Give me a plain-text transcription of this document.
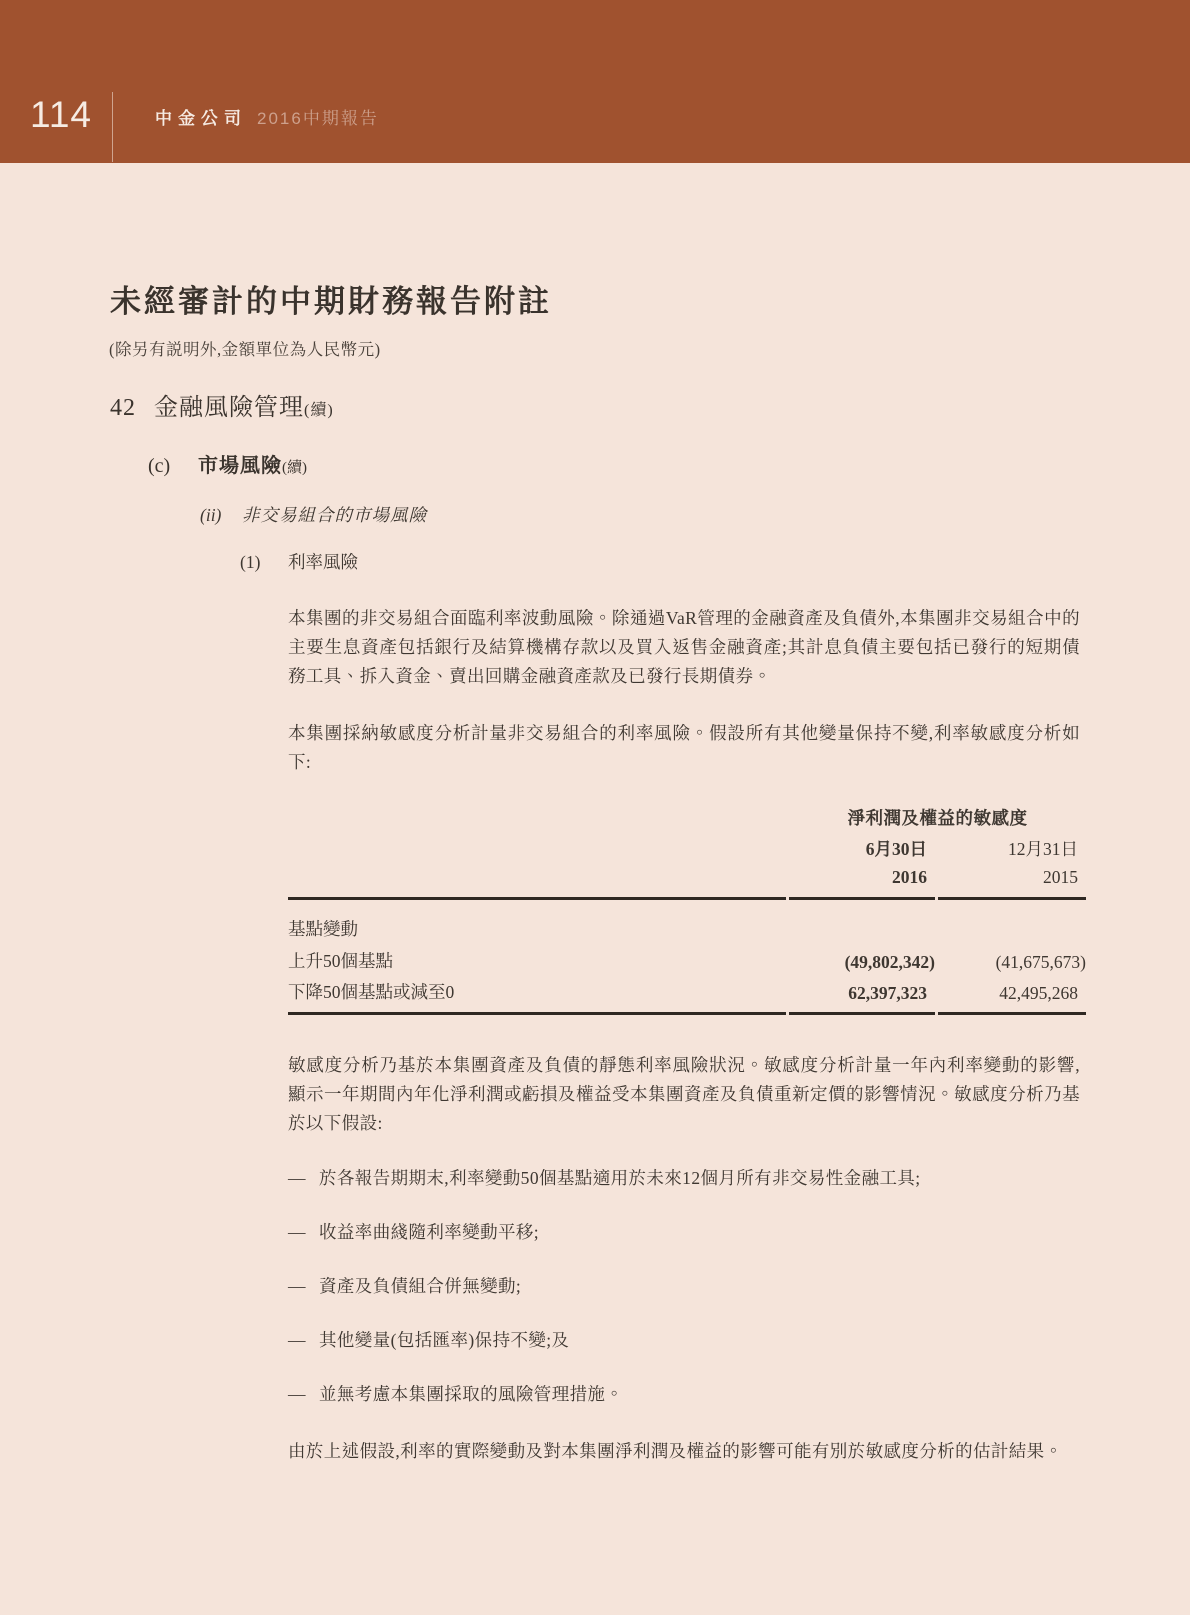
114	中金公司 2016中期報告
未經審計的中期財務報告附註
(除另有説明外,金額單位為人民幣元)
42 金融風險管理(續)
(c) 市場風險(續)
(ii) 非交易組合的市場風險
(1) 利率風險

本集團的非交易組合面臨利率波動風險。除通過VaR管理的金融資產及負債外,本集團非交易組合中的主要生息資產包括銀行及結算機構存款以及買入返售金融資產;其計息負債主要包括已發行的短期債務工具、拆入資金、賣出回購金融資產款及已發行長期債券。

本集團採納敏感度分析計量非交易組合的利率風險。假設所有其他變量保持不變,利率敏感度分析如下:

	淨利潤及權益的敏感度	
	6月30日	12月31日
	2016	2015
基點變動		
上升50個基點	(49,802,342)	(41,675,673)
下降50個基點或減至0	62,397,323	42,495,268

敏感度分析乃基於本集團資產及負債的靜態利率風險狀況。敏感度分析計量一年內利率變動的影響,顯示一年期間內年化淨利潤或虧損及權益受本集團資產及負債重新定價的影響情況。敏感度分析乃基於以下假設:

— 於各報告期期末,利率變動50個基點適用於未來12個月所有非交易性金融工具;
— 收益率曲綫隨利率變動平移;
— 資產及負債組合併無變動;
— 其他變量(包括匯率)保持不變;及
— 並無考慮本集團採取的風險管理措施。

由於上述假設,利率的實際變動及對本集團淨利潤及權益的影響可能有別於敏感度分析的估計結果。
